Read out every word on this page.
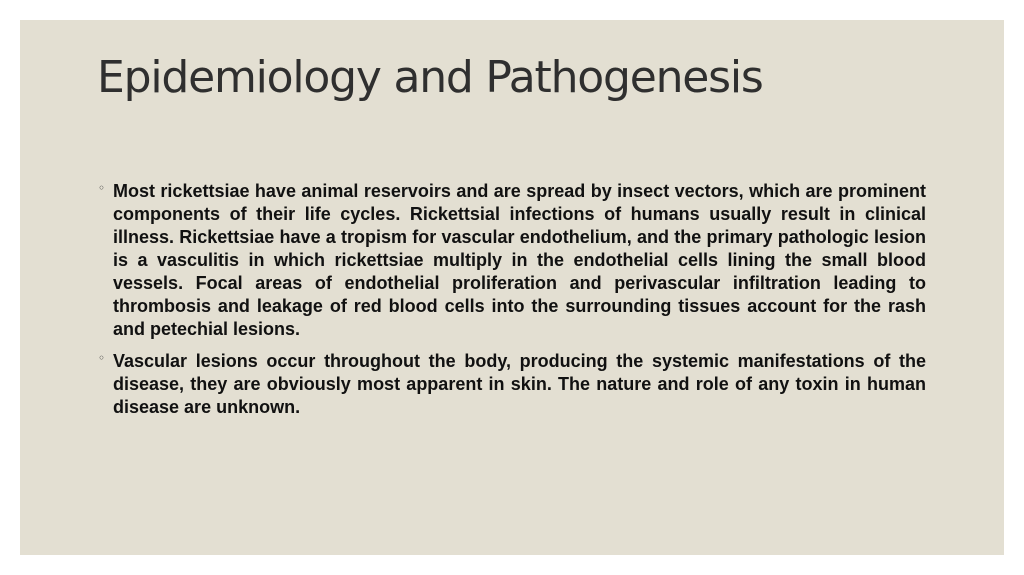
Epidemiology and Pathogenesis
◦ Most rickettsiae have animal reservoirs and are spread by insect vectors, which are prominent components of their life cycles. Rickettsial infections of humans usually result in clinical illness. Rickettsiae have a tropism for vascular endothelium, and the primary pathologic lesion is a vasculitis in which rickettsiae multiply in the endothelial cells lining the small blood vessels. Focal areas of endothelial proliferation and perivascular infiltration leading to thrombosis and leakage of red blood cells into the surrounding tissues account for the rash and petechial lesions.
◦ Vascular lesions occur throughout the body, producing the systemic manifestations of the disease, they are obviously most apparent in skin. The nature and role of any toxin in human disease are unknown.
